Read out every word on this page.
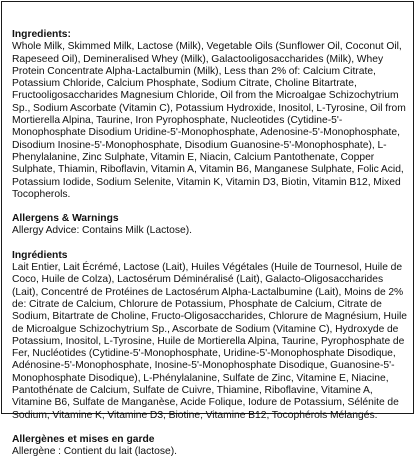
Ingredients:

Whole Milk, Skimmed Milk, Lactose (Milk), Vegetable Oils (Sunflower Oil, Coconut Oil, Rapeseed Oil), Demineralised Whey (Milk), Galactooligosaccharides (Milk), Whey Protein Concentrate Alpha-Lactalbumin (Milk), Less than 2% of: Calcium Citrate, Potassium Chloride, Calcium Phosphate, Sodium Citrate, Choline Bitartrate, Fructooligosaccharides Magnesium Chloride, Oil from the Microalgae Schizochytrium Sp., Sodium Ascorbate (Vitamin C), Potassium Hydroxide, Inositol, L-Tyrosine, Oil from Mortierella Alpina, Taurine, Iron Pyrophosphate, Nucleotides (Cytidine-5'-Monophosphate Disodium Uridine-5'-Monophosphate, Adenosine-5'-Monophosphate, Disodium Inosine-5'-Monophosphate, Disodium Guanosine-5'-Monophosphate), L-Phenylalanine, Zinc Sulphate, Vitamin E, Niacin, Calcium Pantothenate, Copper Sulphate, Thiamin, Riboflavin, Vitamin A, Vitamin B6, Manganese Sulphate, Folic Acid, Potassium Iodide, Sodium Selenite, Vitamin K, Vitamin D3, Biotin, Vitamin B12, Mixed Tocopherols.

Allergens & Warnings

Allergy Advice: Contains Milk (Lactose).

Ingrédients

Lait Entier, Lait Écrémé, Lactose (Lait), Huiles Végétales (Huile de Tournesol, Huile de Coco, Huile de Colza), Lactosérum Déminéralisé (Lait), Galacto-Oligosaccharides (Lait), Concentré de Protéines de Lactosérum Alpha-Lactalbumine (Lait), Moins de 2% de: Citrate de Calcium, Chlorure de Potassium, Phosphate de Calcium, Citrate de Sodium, Bitartrate de Choline, Fructo-Oligosaccharides, Chlorure de Magnésium, Huile de Microalgue Schizochytrium Sp., Ascorbate de Sodium (Vitamine C), Hydroxyde de Potassium, Inositol, L-Tyrosine, Huile de Mortierella Alpina, Taurine, Pyrophosphate de Fer, Nucléotides (Cytidine-5'-Monophosphate, Uridine-5'-Monophosphate Disodique, Adénosine-5'-Monophosphate, Inosine-5'-Monophosphate Disodique, Guanosine-5'-Monophosphate Disodique), L-Phénylalanine, Sulfate de Zinc, Vitamine E, Niacine, Pantothénate de Calcium, Sulfate de Cuivre, Thiamine, Riboflavine, Vitamine A, Vitamine B6, Sulfate de Manganèse, Acide Folique, Iodure de Potassium, Sélénite de Sodium, Vitamine K, Vitamine D3, Biotine, Vitamine B12, Tocophérols Mélangés.

Allergènes et mises en garde

Allergène : Contient du lait (lactose).
